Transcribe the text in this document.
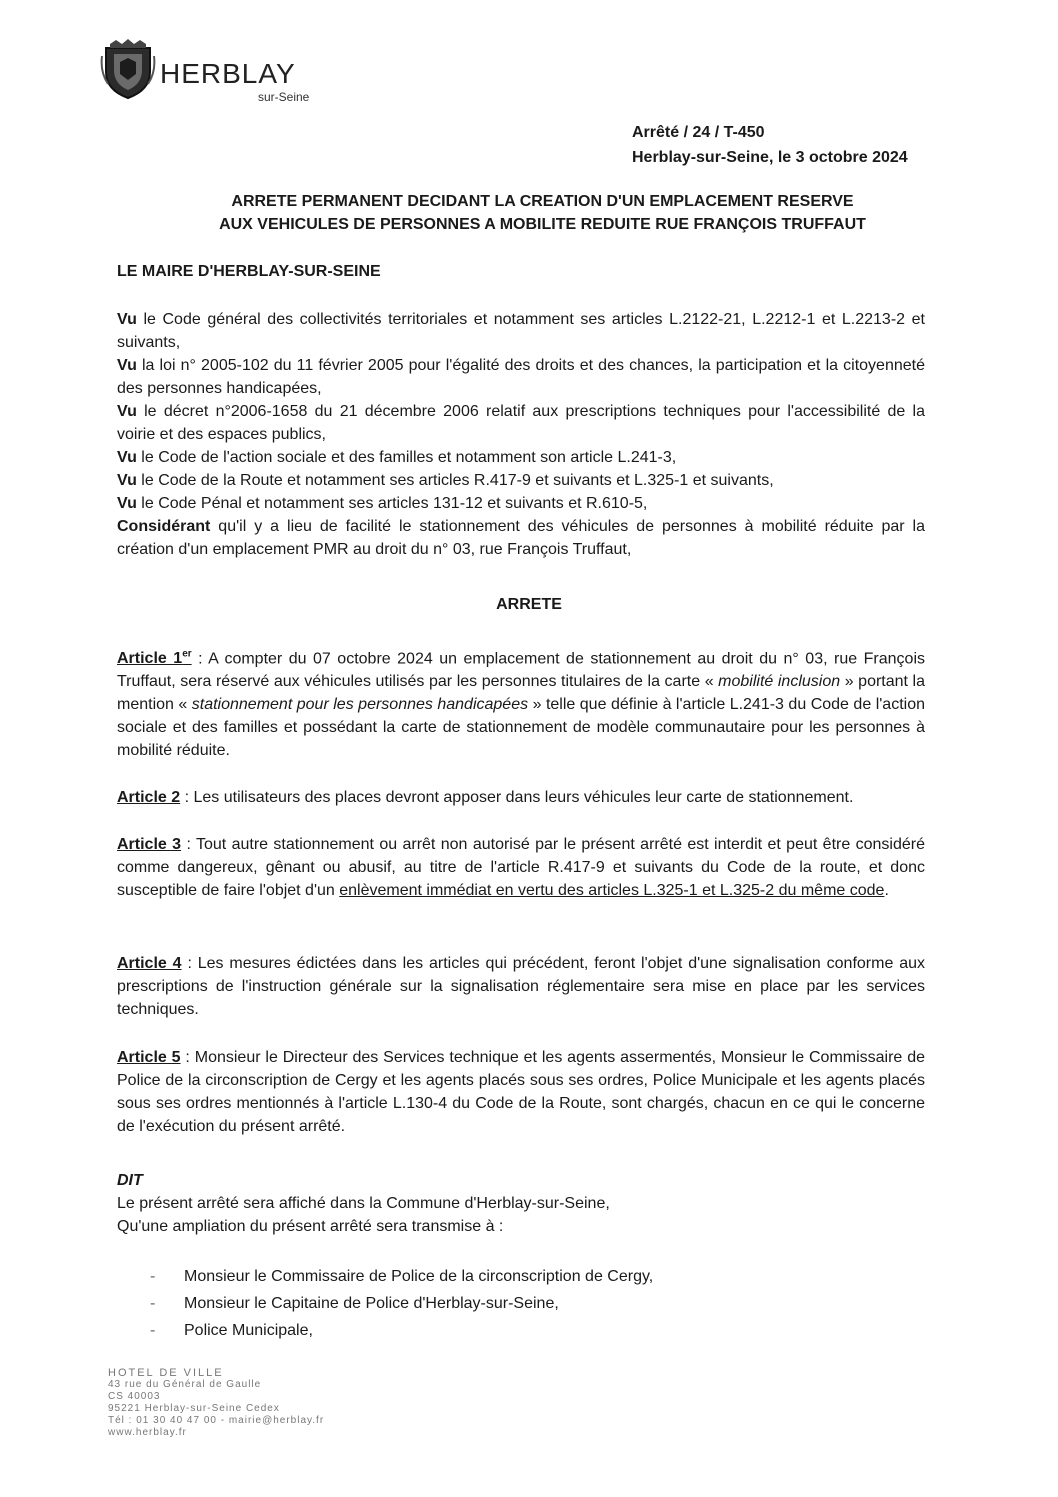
HERBLAY
sur-Seine
Arrêté / 24 / T-450
Herblay-sur-Seine, le 3 octobre 2024
ARRETE PERMANENT DECIDANT LA CREATION D'UN EMPLACEMENT RESERVE
AUX VEHICULES DE PERSONNES A MOBILITE REDUITE RUE FRANÇOIS TRUFFAUT
LE MAIRE D'HERBLAY-SUR-SEINE

Vu le Code général des collectivités territoriales et notamment ses articles L.2122-21, L.2212-1 et L.2213-2 et suivants,

Vu la loi n° 2005-102 du 11 février 2005 pour l'égalité des droits et des chances, la participation et la citoyenneté des personnes handicapées,

Vu le décret n°2006-1658 du 21 décembre 2006 relatif aux prescriptions techniques pour l'accessibilité de la voirie et des espaces publics,

Vu le Code de l'action sociale et des familles et notamment son article L.241-3,

Vu le Code de la Route et notamment ses articles R.417-9 et suivants et L.325-1 et suivants,

Vu le Code Pénal et notamment ses articles 131-12 et suivants et R.610-5,

Considérant qu'il y a lieu de facilité le stationnement des véhicules de personnes à mobilité réduite par la création d'un emplacement PMR au droit du n° 03, rue François Truffaut,

ARRETE

Article 1er : A compter du 07 octobre 2024 un emplacement de stationnement au droit du n° 03, rue François Truffaut, sera réservé aux véhicules utilisés par les personnes titulaires de la carte « mobilité inclusion » portant la mention « stationnement pour les personnes handicapées » telle que définie à l'article L.241-3 du Code de l'action sociale et des familles et possédant la carte de stationnement de modèle communautaire pour les personnes à mobilité réduite.

Article 2 : Les utilisateurs des places devront apposer dans leurs véhicules leur carte de stationnement.

Article 3 : Tout autre stationnement ou arrêt non autorisé par le présent arrêté est interdit et peut être considéré comme dangereux, gênant ou abusif, au titre de l'article R.417-9 et suivants du Code de la route, et donc susceptible de faire l'objet d'un enlèvement immédiat en vertu des articles L.325-1 et L.325-2 du même code.

Article 4 : Les mesures édictées dans les articles qui précédent, feront l'objet d'une signalisation conforme aux prescriptions de l'instruction générale sur la signalisation réglementaire sera mise en place par les services techniques.

Article 5 : Monsieur le Directeur des Services technique et les agents assermentés, Monsieur le Commissaire de Police de la circonscription de Cergy et les agents placés sous ses ordres, Police Municipale et les agents placés sous ses ordres mentionnés à l'article L.130-4 du Code de la Route, sont chargés, chacun en ce qui le concerne de l'exécution du présent arrêté.

DIT

Le présent arrêté sera affiché dans la Commune d'Herblay-sur-Seine,

Qu'une ampliation du présent arrêté sera transmise à :

-	Monsieur le Commissaire de Police de la circonscription de Cergy,
-	Monsieur le Capitaine de Police d'Herblay-sur-Seine,
-	Police Municipale,
HOTEL DE VILLE
43 rue du Général de Gaulle
CS 40003
95221 Herblay-sur-Seine Cedex
Tél : 01 30 40 47 00 - mairie@herblay.fr
www.herblay.fr
